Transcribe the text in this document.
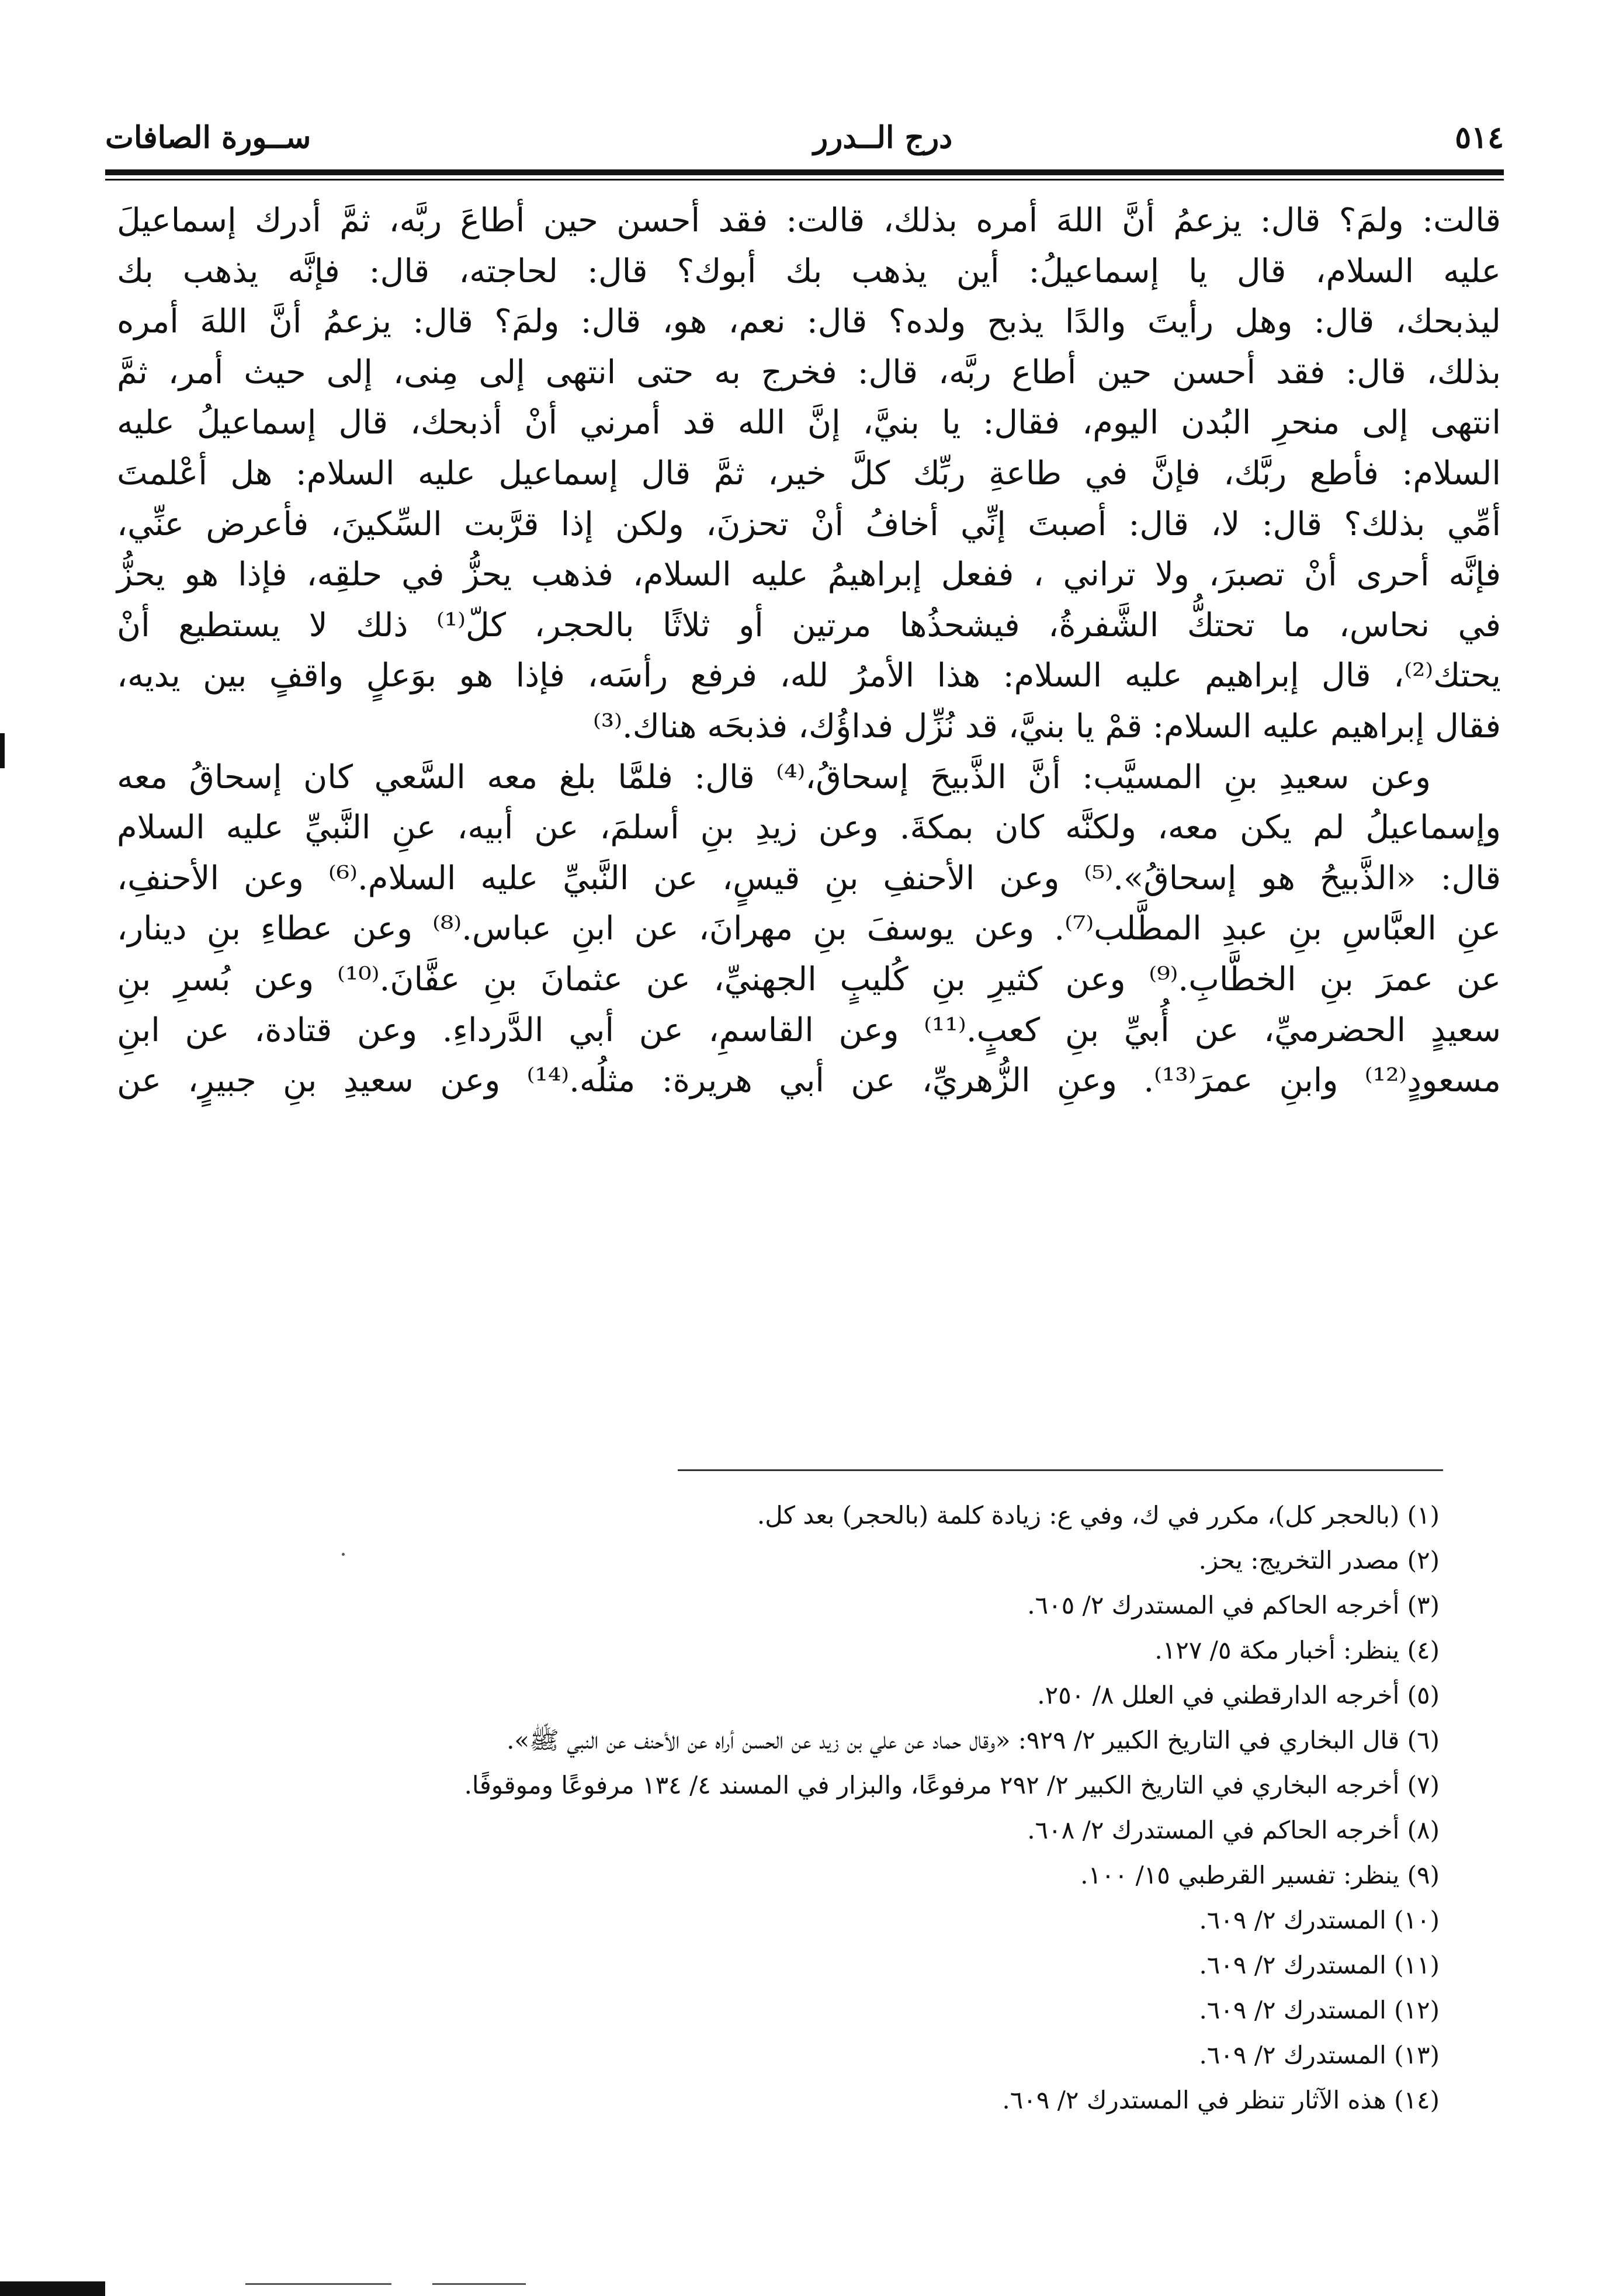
٥١٤
درج الــدرر
ســورة الصافات

قالت: ولمَ؟ قال: يزعمُ أنَّ اللهَ أمره بذلك، قالت: فقد أحسن حين أطاعَ ربَّه، ثمَّ أدرك إسماعيلَ

عليه السلام، قال يا إسماعيلُ: أين يذهب بك أبوك؟ قال: لحاجته، قال: فإنَّه يذهب بك

ليذبحك، قال: وهل رأيتَ والدًا يذبح ولده؟ قال: نعم، هو، قال: ولمَ؟ قال: يزعمُ أنَّ اللهَ أمره

بذلك، قال: فقد أحسن حين أطاع ربَّه، قال: فخرج به حتى انتهى إلى مِنى، إلى حيث أمر، ثمَّ

انتهى إلى منحرِ البُدن اليوم، فقال: يا بنيَّ، إنَّ الله قد أمرني أنْ أذبحك، قال إسماعيلُ عليه

السلام: فأطع ربَّك، فإنَّ في طاعةِ ربِّك كلَّ خير، ثمَّ قال إسماعيل عليه السلام: هل أعْلمتَ

أمِّي بذلك؟ قال: لا، قال: أصبتَ إنِّي أخافُ أنْ تحزنَ، ولكن إذا قرَّبت السِّكينَ، فأعرض عنِّي،

فإنَّه أحرى أنْ تصبرَ، ولا تراني ، ففعل إبراهيمُ عليه السلام، فذهب يحزُّ في حلقِه، فإذا هو يحزُّ

في نحاس، ما تحتكُّ الشَّفرةُ، فيشحذُها مرتين أو ثلاثًا بالحجر، كلّ⁽¹⁾ ذلك لا يستطيع أنْ

يحتك⁽²⁾، قال إبراهيم عليه السلام: هذا الأمرُ لله، فرفع رأسَه، فإذا هو بوَعلٍ واقفٍ بين يديه،

فقال إبراهيم عليه السلام: قمْ يا بنيَّ، قد نُزِّل فداؤُك، فذبحَه هناك.⁽³⁾

وعن سعيدِ بنِ المسيَّب: أنَّ الذَّبيحَ إسحاقُ،⁽⁴⁾ قال: فلمَّا بلغ معه السَّعي كان إسحاقُ معه

وإسماعيلُ لم يكن معه، ولكنَّه كان بمكةَ. وعن زيدِ بنِ أسلمَ، عن أبيه، عنِ النَّبيِّ عليه السلام

قال: «الذَّبيحُ هو إسحاقُ».⁽⁵⁾ وعن الأحنفِ بنِ قيسٍ، عن النَّبيِّ عليه السلام.⁽⁶⁾ وعن الأحنفِ،

عنِ العبَّاسِ بنِ عبدِ المطَّلب⁽⁷⁾. وعن يوسفَ بنِ مهرانَ، عن ابنِ عباس.⁽⁸⁾ وعن عطاءِ بنِ دينار،

عن عمرَ بنِ الخطَّابِ.⁽⁹⁾ وعن كثيرِ بنِ كُليبٍ الجهنيِّ، عن عثمانَ بنِ عفَّانَ.⁽¹⁰⁾ وعن بُسرِ بنِ

سعيدٍ الحضرميِّ، عن أُبيِّ بنِ كعبٍ.⁽¹¹⁾ وعن القاسمِ، عن أبي الدَّرداءِ. وعن قتادة، عن ابنِ

مسعودٍ⁽¹²⁾ وابنِ عمرَ⁽¹³⁾. وعنِ الزُّهريِّ، عن أبي هريرة: مثلُه.⁽¹⁴⁾ وعن سعيدِ بنِ جبيرٍ، عن

(١) (بالحجر كل)، مكرر في ك، وفي ع: زيادة كلمة (بالحجر) بعد كل.
(٢) مصدر التخريج: يحز.
(٣) أخرجه الحاكم في المستدرك ٢/ ٦٠٥.
(٤) ينظر: أخبار مكة ٥/ ١٢٧.
(٥) أخرجه الدارقطني في العلل ٨/ ٢٥٠.
(٦) قال البخاري في التاريخ الكبير ٢/ ٩٢٩: «وقال حماد عن علي بن زيد عن الحسن أراه عن الأحنف عن النبي ﷺ».
(٧) أخرجه البخاري في التاريخ الكبير ٢/ ٢٩٢ مرفوعًا، والبزار في المسند ٤/ ١٣٤ مرفوعًا وموقوفًا.
(٨) أخرجه الحاكم في المستدرك ٢/ ٦٠٨.
(٩) ينظر: تفسير القرطبي ١٥/ ١٠٠.
(١٠) المستدرك ٢/ ٦٠٩.
(١١) المستدرك ٢/ ٦٠٩.
(١٢) المستدرك ٢/ ٦٠٩.
(١٣) المستدرك ٢/ ٦٠٩.
(١٤) هذه الآثار تنظر في المستدرك ٢/ ٦٠٩.
